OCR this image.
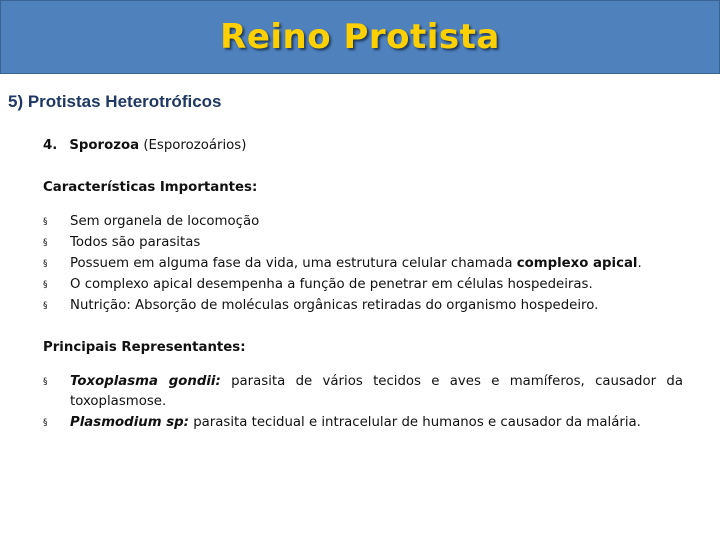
Reino Protista
5) Protistas Heterotróficos

4. Sporozoa (Esporozoários)

Características Importantes:

§ Sem organela de locomoção
§ Todos são parasitas
§ Possuem em alguma fase da vida, uma estrutura celular chamada complexo apical.
§ O complexo apical desempenha a função de penetrar em células hospedeiras.
§ Nutrição: Absorção de moléculas orgânicas retiradas do organismo hospedeiro.

Principais Representantes:

§ Toxoplasma gondii: parasita de vários tecidos e aves e mamíferos, causador da toxoplasmose.
§ Plasmodium sp: parasita tecidual e intracelular de humanos e causador da malária.
